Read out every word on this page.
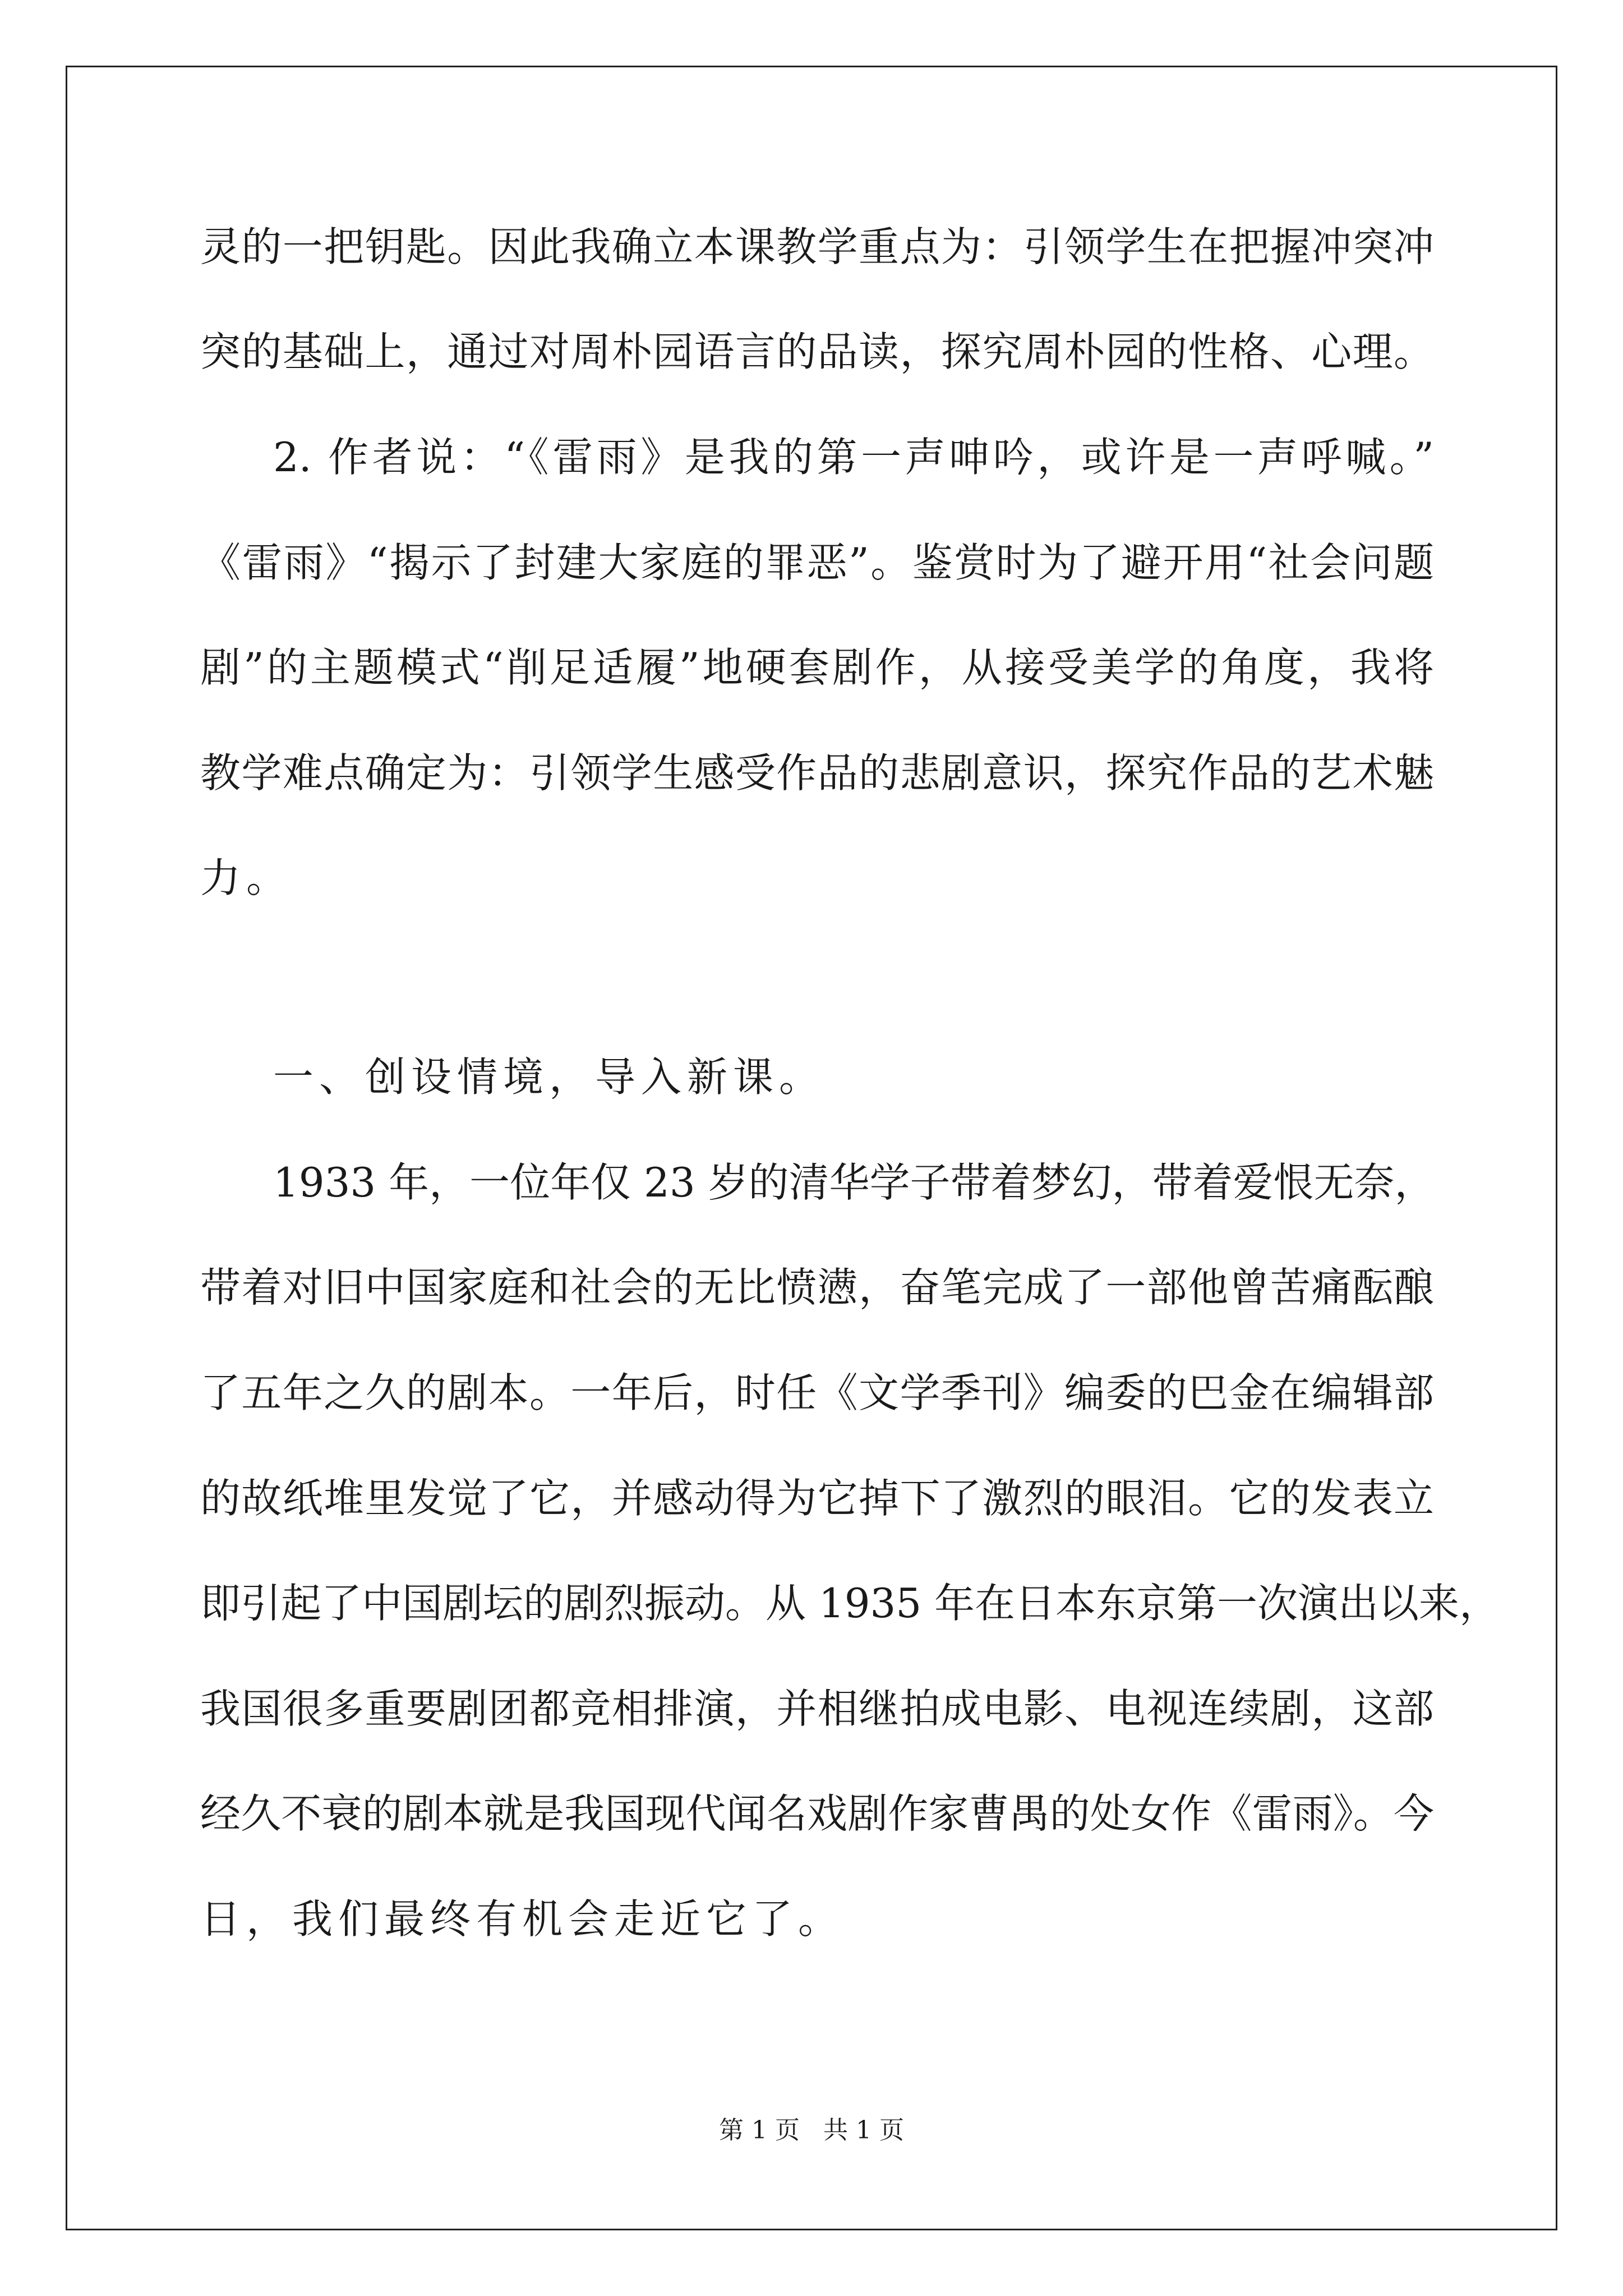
灵的一把钥匙。因此我确立本课教学重点为：引领学生在把握冲突冲
突的基础上，通过对周朴园语言的品读，探究周朴园的性格、心理。
2. 作者说：“《雷雨》是我的第一声呻吟，或许是一声呼喊。”
《雷雨》“揭示了封建大家庭的罪恶”。鉴赏时为了避开用“社会问题
剧”的主题模式“削足适履”地硬套剧作，从接受美学的角度，我将
教学难点确定为：引领学生感受作品的悲剧意识，探究作品的艺术魅
力。
一、创设情境，导入新课。
1933 年，一位年仅 23 岁的清华学子带着梦幻，带着爱恨无奈，
带着对旧中国家庭和社会的无比愤懑，奋笔完成了一部他曾苦痛酝酿
了五年之久的剧本。一年后，时任《文学季刊》编委的巴金在编辑部
的故纸堆里发觉了它，并感动得为它掉下了激烈的眼泪。它的发表立
即引起了中国剧坛的剧烈振动。从 1935 年在日本东京第一次演出以来，
我国很多重要剧团都竞相排演，并相继拍成电影、电视连续剧，这部
经久不衰的剧本就是我国现代闻名戏剧作家曹禺的处女作《雷雨》。今
日，我们最终有机会走近它了。
第 1 页   共 1 页
